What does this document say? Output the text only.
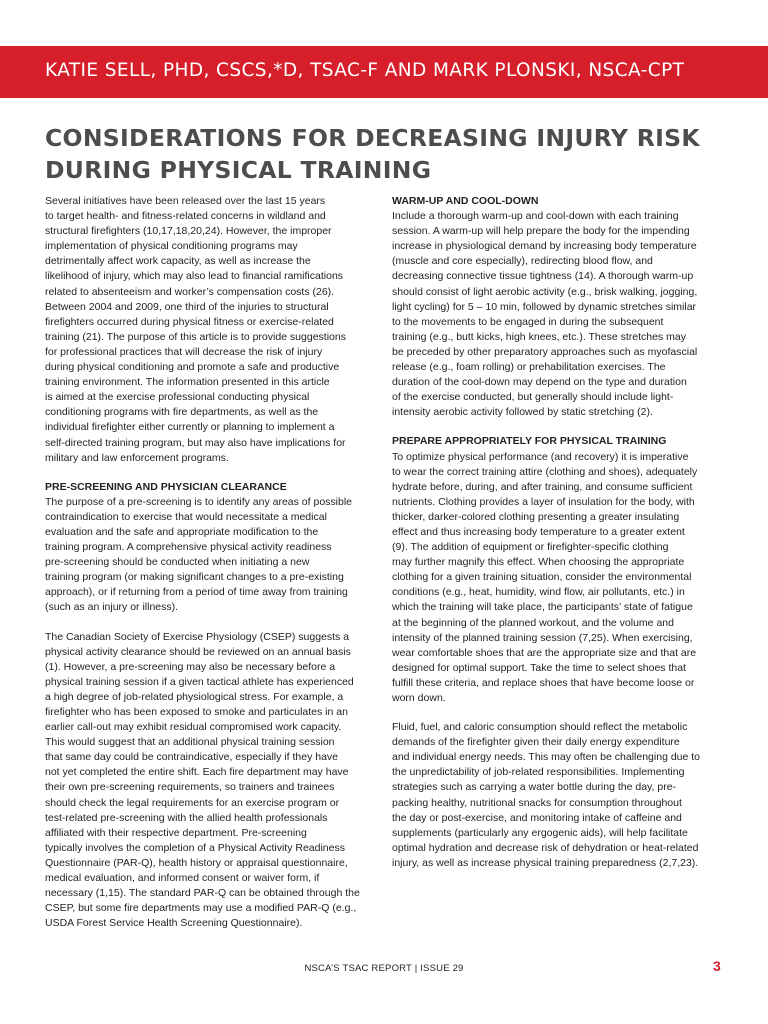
KATIE SELL, PHD, CSCS,*D, TSAC-F AND MARK PLONSKI, NSCA-CPT
CONSIDERATIONS FOR DECREASING INJURY RISK DURING PHYSICAL TRAINING

Several initiatives have been released over the last 15 years
to target health- and fitness-related concerns in wildland and
structural firefighters (10,17,18,20,24). However, the improper
implementation of physical conditioning programs may
detrimentally affect work capacity, as well as increase the
likelihood of injury, which may also lead to financial ramifications
related to absenteeism and worker’s compensation costs (26).
Between 2004 and 2009, one third of the injuries to structural
firefighters occurred during physical fitness or exercise-related
training (21). The purpose of this article is to provide suggestions
for professional practices that will decrease the risk of injury
during physical conditioning and promote a safe and productive
training environment. The information presented in this article
is aimed at the exercise professional conducting physical
conditioning programs with fire departments, as well as the
individual firefighter either currently or planning to implement a
self-directed training program, but may also have implications for
military and law enforcement programs.

PRE-SCREENING AND PHYSICIAN CLEARANCE

The purpose of a pre-screening is to identify any areas of possible
contraindication to exercise that would necessitate a medical
evaluation and the safe and appropriate modification to the
training program. A comprehensive physical activity readiness
pre-screening should be conducted when initiating a new
training program (or making significant changes to a pre-existing
approach), or if returning from a period of time away from training
(such as an injury or illness).

The Canadian Society of Exercise Physiology (CSEP) suggests a
physical activity clearance should be reviewed on an annual basis
(1). However, a pre-screening may also be necessary before a
physical training session if a given tactical athlete has experienced
a high degree of job-related physiological stress. For example, a
firefighter who has been exposed to smoke and particulates in an
earlier call-out may exhibit residual compromised work capacity.
This would suggest that an additional physical training session
that same day could be contraindicative, especially if they have
not yet completed the entire shift. Each fire department may have
their own pre-screening requirements, so trainers and trainees
should check the legal requirements for an exercise program or
test-related pre-screening with the allied health professionals
affiliated with their respective department. Pre-screening
typically involves the completion of a Physical Activity Readiness
Questionnaire (PAR-Q), health history or appraisal questionnaire,
medical evaluation, and informed consent or waiver form, if
necessary (1,15). The standard PAR-Q can be obtained through the
CSEP, but some fire departments may use a modified PAR-Q (e.g.,
USDA Forest Service Health Screening Questionnaire).

WARM-UP AND COOL-DOWN

Include a thorough warm-up and cool-down with each training
session. A warm-up will help prepare the body for the impending
increase in physiological demand by increasing body temperature
(muscle and core especially), redirecting blood flow, and
decreasing connective tissue tightness (14). A thorough warm-up
should consist of light aerobic activity (e.g., brisk walking, jogging,
light cycling) for 5 – 10 min, followed by dynamic stretches similar
to the movements to be engaged in during the subsequent
training (e.g., butt kicks, high knees, etc.). These stretches may
be preceded by other preparatory approaches such as myofascial
release (e.g., foam rolling) or prehabilitation exercises. The
duration of the cool-down may depend on the type and duration
of the exercise conducted, but generally should include light-
intensity aerobic activity followed by static stretching (2).

PREPARE APPROPRIATELY FOR PHYSICAL TRAINING

To optimize physical performance (and recovery) it is imperative
to wear the correct training attire (clothing and shoes), adequately
hydrate before, during, and after training, and consume sufficient
nutrients. Clothing provides a layer of insulation for the body, with
thicker, darker-colored clothing presenting a greater insulating
effect and thus increasing body temperature to a greater extent
(9). The addition of equipment or firefighter-specific clothing
may further magnify this effect. When choosing the appropriate
clothing for a given training situation, consider the environmental
conditions (e.g., heat, humidity, wind flow, air pollutants, etc.) in
which the training will take place, the participants’ state of fatigue
at the beginning of the planned workout, and the volume and
intensity of the planned training session (7,25). When exercising,
wear comfortable shoes that are the appropriate size and that are
designed for optimal support. Take the time to select shoes that
fulfill these criteria, and replace shoes that have become loose or
worn down.

Fluid, fuel, and caloric consumption should reflect the metabolic
demands of the firefighter given their daily energy expenditure
and individual energy needs. This may often be challenging due to
the unpredictability of job-related responsibilities. Implementing
strategies such as carrying a water bottle during the day, pre-
packing healthy, nutritional snacks for consumption throughout
the day or post-exercise, and monitoring intake of caffeine and
supplements (particularly any ergogenic aids), will help facilitate
optimal hydration and decrease risk of dehydration or heat-related
injury, as well as increase physical training preparedness (2,7,23).

NSCA’S TSAC REPORT | ISSUE 29	3
